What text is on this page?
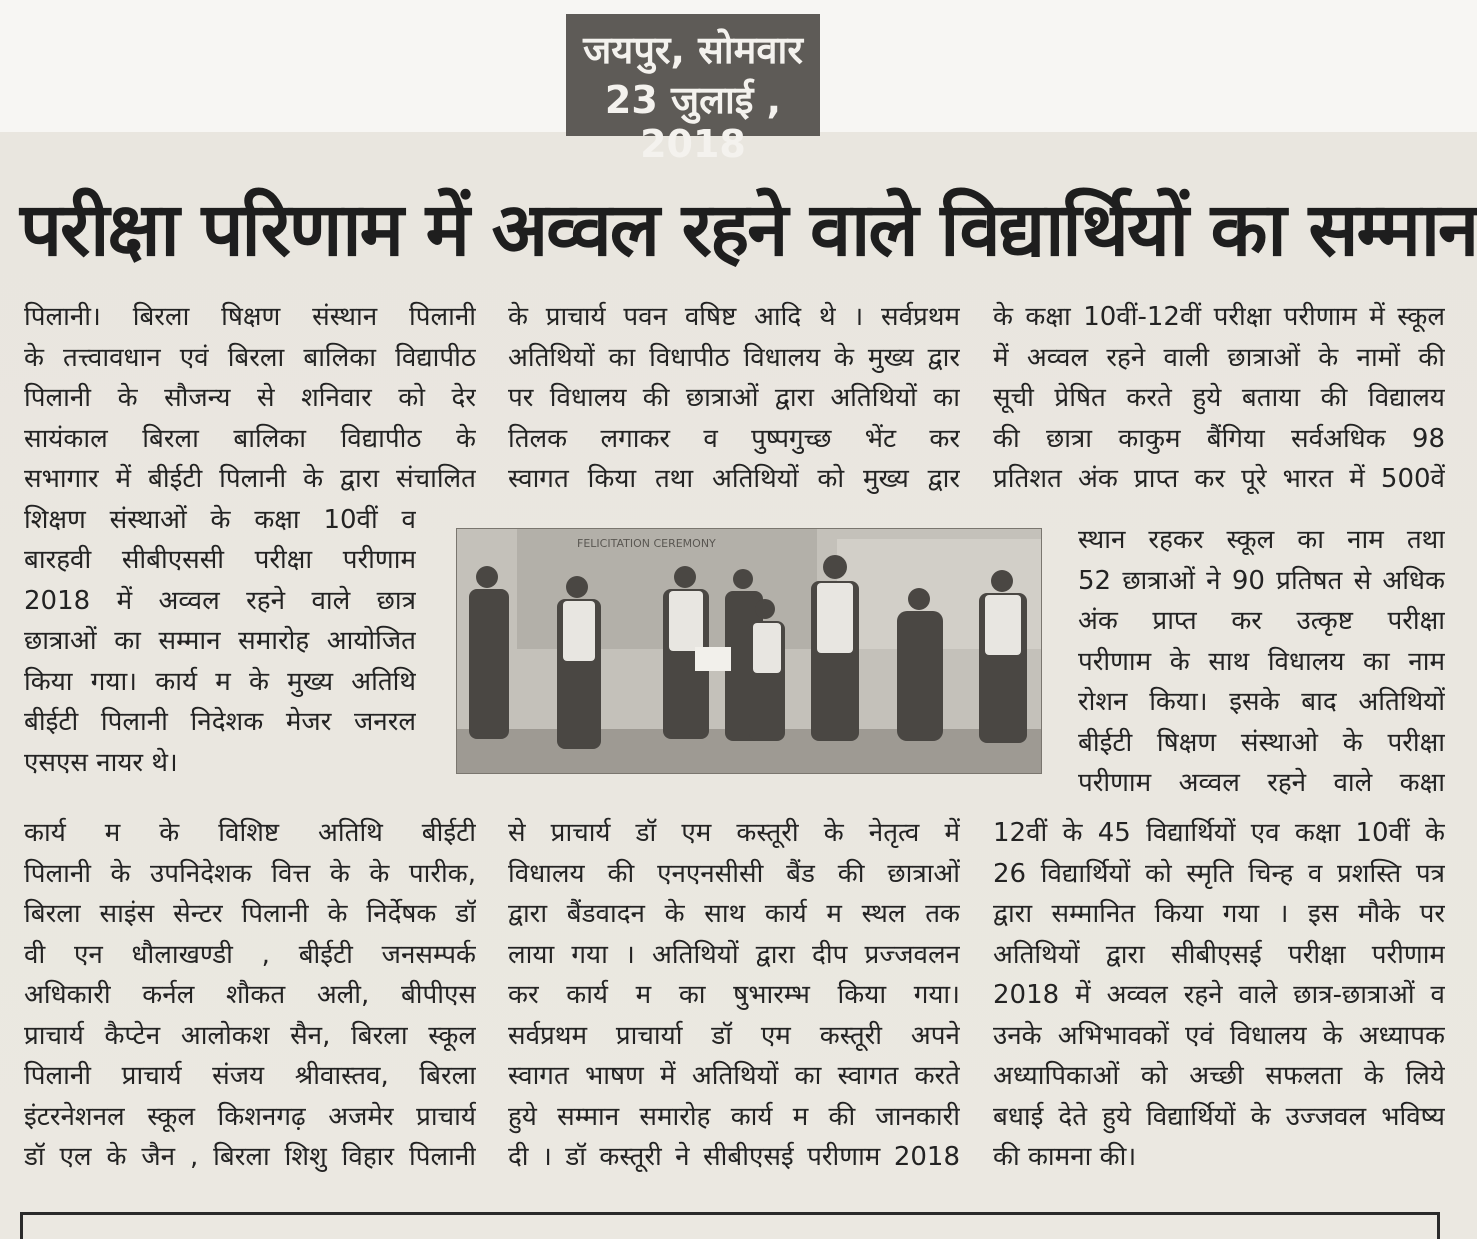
जयपुर, सोमवार
23 जुलाई , 2018
परीक्षा परिणाम में अव्वल रहने वाले विद्यार्थियों का सम्मान
पिलानी। बिरला षिक्षण संस्थान पिलानी
के तत्त्वावधान एवं बिरला बालिका विद्यापीठ
पिलानी के सौजन्य से शनिवार को देर
सायंकाल बिरला बालिका विद्यापीठ के
सभागार में बीईटी पिलानी के द्वारा संचालित
शिक्षण संस्थाओं के कक्षा 10वीं व
बारहवी सीबीएससी परीक्षा परीणाम
2018 में अव्वल रहने वाले छात्र
छात्राओं का सम्मान समारोह आयोजित
किया गया। कार्य म के मुख्य अतिथि
बीईटी पिलानी निदेशक मेजर जनरल
एसएस नायर थे।
कार्य म के विशिष्ट अतिथि बीईटी
पिलानी के उपनिदेशक वित्त के के पारीक,
बिरला साइंस सेन्टर पिलानी के निर्देषक डॉ
वी एन धौलाखण्डी , बीईटी जनसम्पर्क
अधिकारी कर्नल शौकत अली, बीपीएस
प्राचार्य कैप्टेन आलोकश सैन, बिरला स्कूल
पिलानी प्राचार्य संजय श्रीवास्तव, बिरला
इंटरनेशनल स्कूल किशनगढ़ अजमेर प्राचार्य
डॉ एल के जैन , बिरला शिशु विहार पिलानी
के प्राचार्य पवन वषिष्ट आदि थे । सर्वप्रथम
अतिथियों का विधापीठ विधालय के मुख्य द्वार
पर विधालय की छात्राओं द्वारा अतिथियों का
तिलक लगाकर व पुष्पगुच्छ भेंट कर
स्वागत किया तथा अतिथियों को मुख्य द्वार
से प्राचार्य डॉ एम कस्तूरी के नेतृत्व में
विधालय की एनएनसीसी बैंड की छात्राओं
द्वारा बैंडवादन के साथ कार्य म स्थल तक
लाया गया । अतिथियों द्वारा दीप प्रज्जवलन
कर कार्य म का षुभारम्भ किया गया।
सर्वप्रथम प्राचार्या डॉ एम कस्तूरी अपने
स्वागत भाषण में अतिथियों का स्वागत करते
हुये सम्मान समारोह कार्य म की जानकारी
दी । डॉ कस्तूरी ने सीबीएसई परीणाम 2018
के कक्षा 10वीं-12वीं परीक्षा परीणाम में स्कूल
में अव्वल रहने वाली छात्राओं के नामों की
सूची प्रेषित करते हुये बताया की विद्यालय
की छात्रा काकुम बैंगिया सर्वअधिक 98
प्रतिशत अंक प्राप्त कर पूरे भारत में 500वें
स्थान रहकर स्कूल का नाम तथा
52 छात्राओं ने 90 प्रतिषत से अधिक
अंक प्राप्त कर उत्कृष्ट परीक्षा
परीणाम के साथ विधालय का नाम
रोशन किया। इसके बाद अतिथियों
बीईटी षिक्षण संस्थाओ के परीक्षा
परीणाम अव्वल रहने वाले कक्षा
12वीं के 45 विद्यार्थियों एव कक्षा 10वीं के
26 विद्यार्थियों को स्मृति चिन्ह व प्रशस्ति पत्र
द्वारा सम्मानित किया गया । इस मौके पर
अतिथियों द्वारा सीबीएसई परीक्षा परीणाम
2018 में अव्वल रहने वाले छात्र-छात्राओं व
उनके अभिभावकों एवं विधालय के अध्यापक
अध्यापिकाओं को अच्छी सफलता के लिये
बधाई देते हुये विद्यार्थियों के उज्जवल भविष्य
की कामना की।
FELICITATION CEREMONY
